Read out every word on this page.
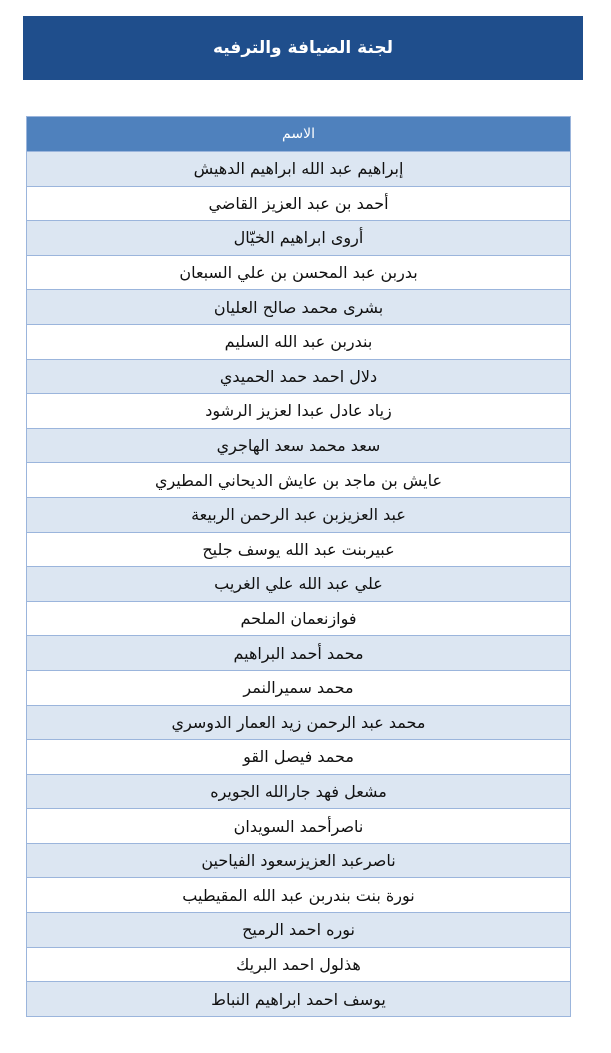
لجنة الضيافة والترفيه
الاسم
إبراهيم عبد الله ابراهيم الدهيش
أحمد بن عبد العزيز القاضي
أروى ابراهيم الخيّال
بدربن عبد المحسن بن علي السبعان
بشرى محمد صالح العليان
بندربن عبد الله السليم
دلال احمد حمد الحميدي
زياد عادل عبدا لعزيز الرشود
سعد محمد سعد الهاجري
عايش بن ماجد بن عايش الديحاني المطيري
عبد العزيزبن عبد الرحمن الربيعة
عبيربنت عبد الله يوسف جليح
علي عبد الله علي الغريب
فوازنعمان الملحم
محمد أحمد البراهيم
محمد سميرالنمر
محمد عبد الرحمن زيد العمار الدوسري
محمد فيصل القو
مشعل فهد جارالله الجويره
ناصرأحمد السويدان
ناصرعبد العزيزسعود الفياحين
نورة بنت بندربن عبد الله المقيطيب
نوره احمد الرميح
هذلول احمد البريك
يوسف احمد ابراهيم النباط
